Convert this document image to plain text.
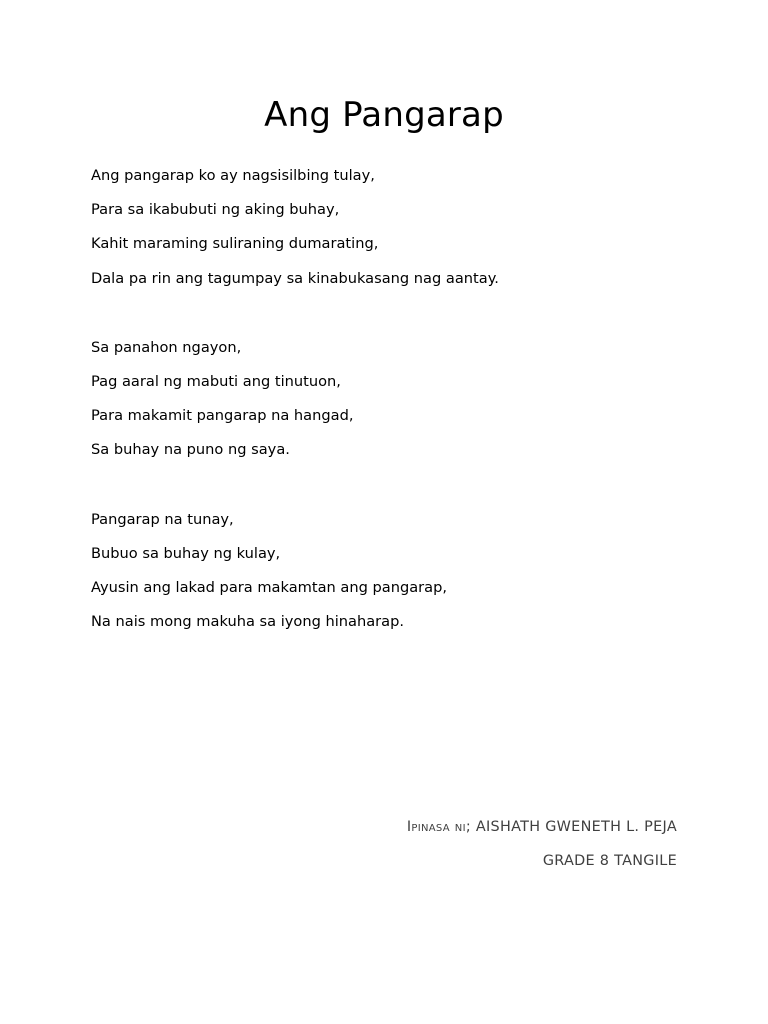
Ang Pangarap
Ang pangarap ko ay nagsisilbing tulay,
Para sa ikabubuti ng aking buhay,
Kahit maraming suliraning dumarating,
Dala pa rin ang tagumpay sa kinabukasang nag aantay.
Sa panahon ngayon,
Pag aaral ng mabuti ang tinutuon,
Para makamit pangarap na hangad,
Sa buhay na puno ng saya.
Pangarap na tunay,
Bubuo sa buhay ng kulay,
Ayusin ang lakad para makamtan ang pangarap,
Na nais mong makuha sa iyong hinaharap.
Ipinasa ni; AISHATH GWENETH L. PEJA
GRADE 8 TANGILE
